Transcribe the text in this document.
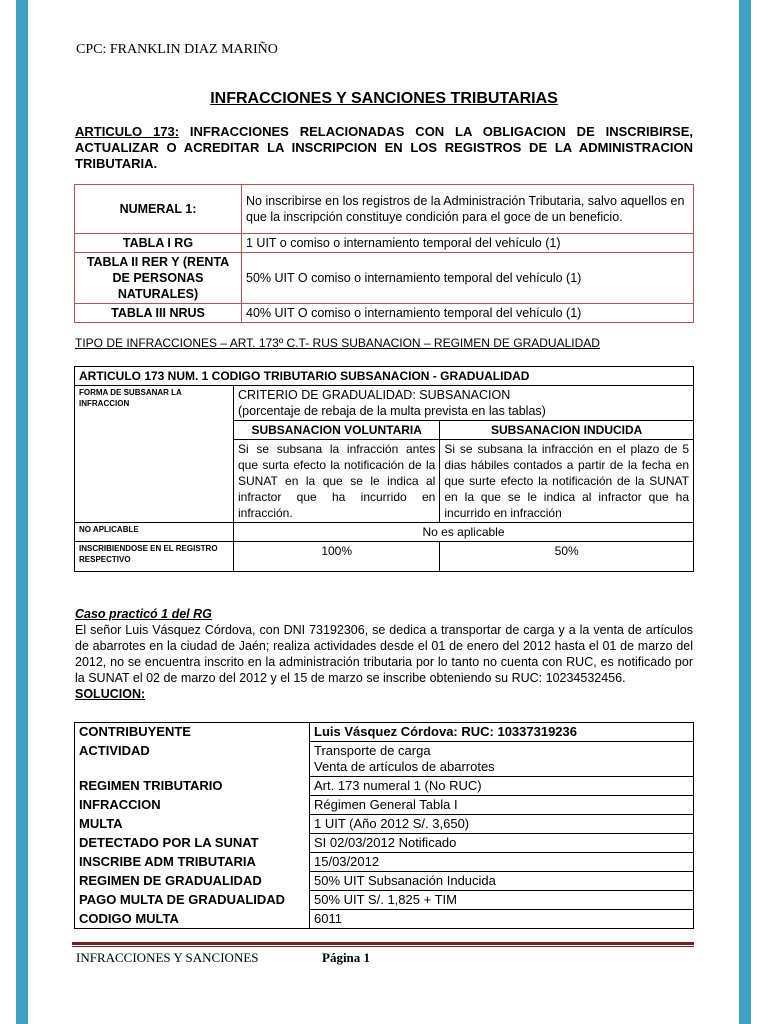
CPC: FRANKLIN DIAZ MARIÑO
INFRACCIONES Y SANCIONES TRIBUTARIAS
ARTICULO 173: INFRACCIONES RELACIONADAS CON LA OBLIGACION DE INSCRIBIRSE, ACTUALIZAR O ACREDITAR LA INSCRIPCION EN LOS REGISTROS DE LA ADMINISTRACION TRIBUTARIA.
NUMERAL 1:	No inscribirse en los registros de la Administración Tributaria, salvo aquellos en que la inscripción constituye condición para el goce de un beneficio.
TABLA I RG	1 UIT o comiso o internamiento temporal del vehículo (1)
TABLA II RER Y (RENTA DE PERSONAS NATURALES)	50% UIT O comiso o internamiento temporal del vehículo (1)
TABLA III NRUS	40% UIT O comiso o internamiento temporal del vehículo (1)
TIPO DE INFRACCIONES – ART. 173º C.T- RUS SUBANACION – REGIMEN DE GRADUALIDAD
ARTICULO 173 NUM. 1 CODIGO TRIBUTARIO SUBSANACION - GRADUALIDAD		
FORMA DE SUBSANAR LA INFRACCION	CRITERIO DE GRADUALIDAD: SUBSANACION
(porcentaje de rebaja de la multa prevista en las tablas)	

	SUBSANACION VOLUNTARIA	SUBSANACION INDUCIDA
	Si se subsana la infracción antes que surta efecto la notificación de la SUNAT en la que se le indica al infractor que ha incurrido en infracción.	Si se subsana la infracción en el plazo de 5 dias hábiles contados a partir de la fecha en que surte efecto la notificación de la SUNAT en la que se le indica al infractor que ha incurrido en infracción
NO APLICABLE	No es aplicable	
INSCRIBIENDOSE EN EL REGISTRO RESPECTIVO	100%	50%
Caso practicó 1 del RG
El señor Luis Vásquez Córdova, con DNI 73192306, se dedica a transportar de carga y a la venta de artículos de abarrotes en la ciudad de Jaén; realiza actividades desde el 01 de enero del 2012 hasta el 01 de marzo del 2012, no se encuentra inscrito en la administración tributaria por lo tanto no cuenta con RUC, es notificado por la SUNAT el 02 de marzo del 2012 y el 15 de marzo se inscribe obteniendo su RUC: 10234532456.
SOLUCION:
CONTRIBUYENTE	Luis Vásquez Córdova: RUC: 10337319236
ACTIVIDAD	Transporte de carga
Venta de artículos de abarrotes

REGIMEN TRIBUTARIO	Art. 173 numeral 1 (No RUC)
INFRACCION	Régimen General Tabla I
MULTA	1 UIT (Año 2012 S/. 3,650)
DETECTADO POR LA SUNAT	SI 02/03/2012 Notificado
INSCRIBE ADM TRIBUTARIA	15/03/2012
REGIMEN DE GRADUALIDAD	50% UIT Subsanación Inducida
PAGO MULTA DE GRADUALIDAD	50% UIT S/. 1,825 + TIM
CODIGO MULTA	6011
INFRACCIONES Y SANCIONES	Página 1
